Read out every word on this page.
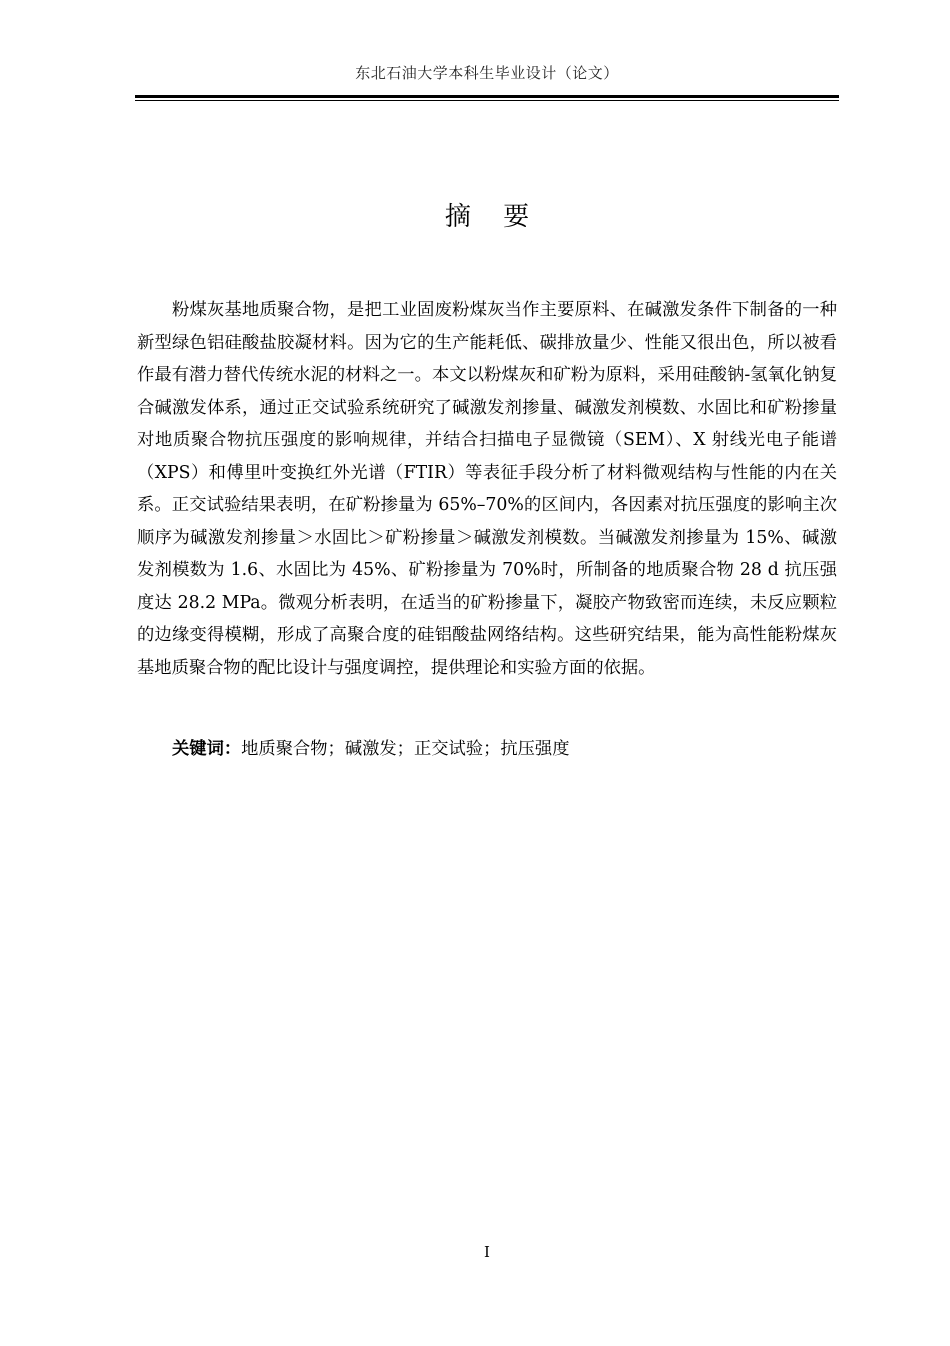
东北石油大学本科生毕业设计（论文）
摘 要

粉煤灰基地质聚合物，是把工业固废粉煤灰当作主要原料、在碱激发条件下制备的一种新型绿色铝硅酸盐胶凝材料。因为它的生产能耗低、碳排放量少、性能又很出色，所以被看作最有潜力替代传统水泥的材料之一。本文以粉煤灰和矿粉为原料，采用硅酸钠-氢氧化钠复合碱激发体系，通过正交试验系统研究了碱激发剂掺量、碱激发剂模数、水固比和矿粉掺量对地质聚合物抗压强度的影响规律，并结合扫描电子显微镜（SEM）、X 射线光电子能谱（XPS）和傅里叶变换红外光谱（FTIR）等表征手段分析了材料微观结构与性能的内在关系。正交试验结果表明，在矿粉掺量为 65%–70%的区间内，各因素对抗压强度的影响主次顺序为碱激发剂掺量＞水固比＞矿粉掺量＞碱激发剂模数。当碱激发剂掺量为 15%、碱激发剂模数为 1.6、水固比为 45%、矿粉掺量为 70%时，所制备的地质聚合物 28 d 抗压强度达 28.2 MPa。微观分析表明，在适当的矿粉掺量下，凝胶产物致密而连续，未反应颗粒的边缘变得模糊，形成了高聚合度的硅铝酸盐网络结构。这些研究结果，能为高性能粉煤灰基地质聚合物的配比设计与强度调控，提供理论和实验方面的依据。

关键词：地质聚合物；碱激发；正交试验；抗压强度
I
